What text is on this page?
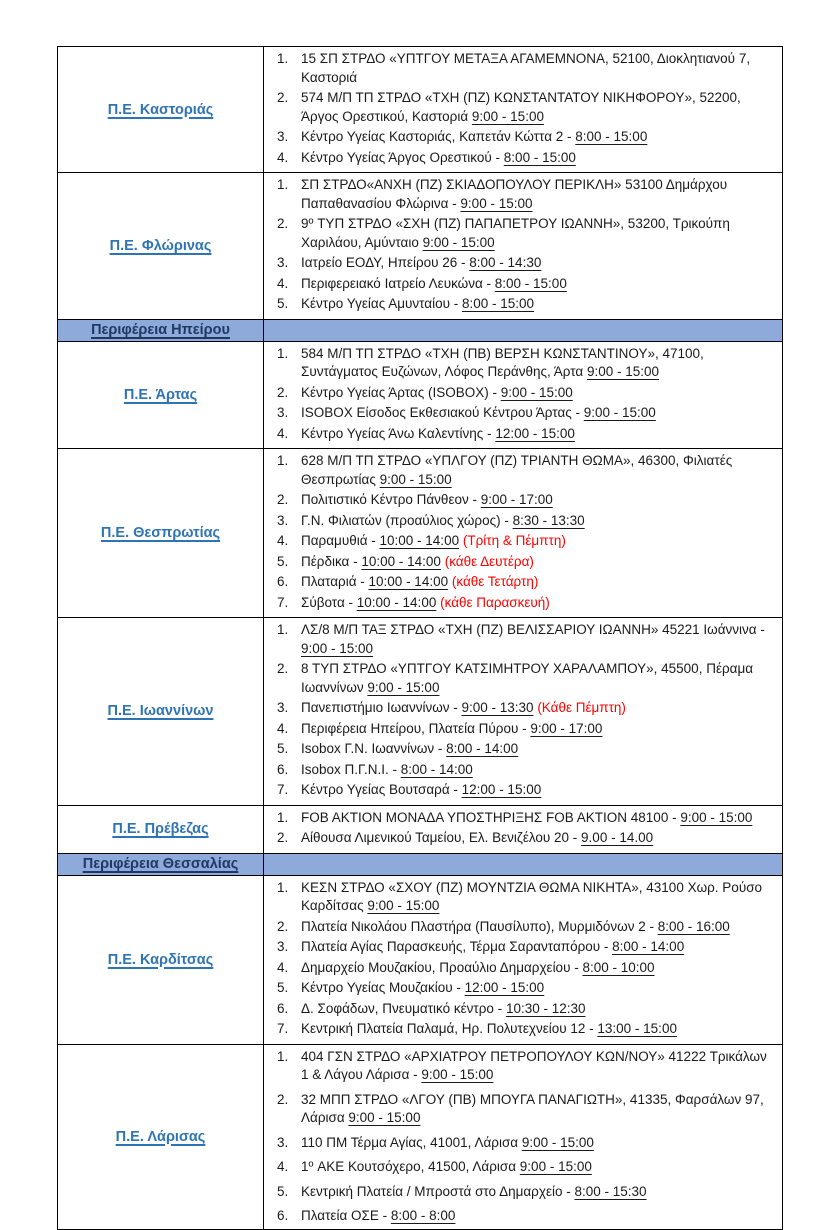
Π.Ε. Καστοριάς
1. 15 ΣΠ ΣΤΡΔΟ «ΥΠΤΓΟΥ ΜΕΤΑΞΑ ΑΓΑΜΕΜΝΟΝΑ, 52100, Διοκλητιανού 7, Καστοριά
2. 574 Μ/Π ΤΠ ΣΤΡΔΟ «ΤΧΗ (ΠΖ) ΚΩΝΣΤΑΝΤΑΤΟΥ ΝΙΚΗΦΟΡΟΥ», 52200, Άργος Ορεστικού, Καστοριά 9:00 - 15:00
3. Κέντρο Υγείας Καστοριάς, Καπετάν Κώττα 2 - 8:00 - 15:00
4. Κέντρο Υγείας Άργος Ορεστικού - 8:00 - 15:00
Π.Ε. Φλώρινας
1. ΣΠ ΣΤΡΔΟ«ΑΝΧΗ (ΠΖ) ΣΚΙΑΔΟΠΟΥΛΟΥ ΠΕΡΙΚΛΗ» 53100 Δημάρχου Παπαθανασίου Φλώρινα - 9:00 - 15:00
2. 9º ΤΥΠ ΣΤΡΔΟ «ΣΧΗ (ΠΖ) ΠΑΠΑΠΕΤΡΟΥ ΙΩΑΝΝΗ», 53200, Τρικούπη Χαριλάου, Αμύνταιο 9:00 - 15:00
3. Ιατρείο ΕΟΔΥ, Ηπείρου 26 - 8:00 - 14:30
4. Περιφερειακό Ιατρείο Λευκώνα - 8:00 - 15:00
5. Κέντρο Υγείας Αμυνταίου - 8:00 - 15:00
Περιφέρεια Ηπείρου
Π.Ε. Άρτας
1. 584 Μ/Π ΤΠ ΣΤΡΔΟ «ΤΧΗ (ΠΒ) ΒΕΡΣΗ ΚΩΝΣΤΑΝΤΙΝΟΥ», 47100, Συντάγματος Ευζώνων, Λόφος Περάνθης, Άρτα 9:00 - 15:00
2. Κέντρο Υγείας Άρτας (ISOBOX) - 9:00 - 15:00
3. ISOBOX Είσοδος Εκθεσιακού Κέντρου Άρτας - 9:00 - 15:00
4. Κέντρο Υγείας Άνω Καλεντίνης - 12:00 - 15:00
Π.Ε. Θεσπρωτίας
1. 628 Μ/Π ΤΠ ΣΤΡΔΟ «ΥΠΛΓΟΥ (ΠΖ) ΤΡΙΑΝΤΗ ΘΩΜΑ», 46300, Φιλιατές Θεσπρωτίας 9:00 - 15:00
2. Πολιτιστικό Κέντρο Πάνθεον - 9:00 - 17:00
3. Γ.Ν. Φιλιατών (προαύλιος χώρος) - 8:30 - 13:30
4. Παραμυθιά - 10:00 - 14:00 (Τρίτη & Πέμπτη)
5. Πέρδικα - 10:00 - 14:00 (κάθε Δευτέρα)
6. Πλαταριά - 10:00 - 14:00 (κάθε Τετάρτη)
7. Σύβοτα - 10:00 - 14:00 (κάθε Παρασκευή)
Π.Ε. Ιωαννίνων
1. ΛΣ/8 Μ/Π ΤΑΞ ΣΤΡΔΟ «ΤΧΗ (ΠΖ) ΒΕΛΙΣΣΑΡΙΟΥ ΙΩΑΝΝΗ» 45221 Ιωάννινα - 9:00 - 15:00
2. 8 ΤΥΠ ΣΤΡΔΟ «ΥΠΤΓΟΥ ΚΑΤΣΙΜΗΤΡΟΥ ΧΑΡΑΛΑΜΠΟΥ», 45500, Πέραμα Ιωαννίνων 9:00 - 15:00
3. Πανεπιστήμιο Ιωαννίνων - 9:00 - 13:30 (Κάθε Πέμπτη)
4. Περιφέρεια Ηπείρου, Πλατεία Πύρου - 9:00 - 17:00
5. Isobox Γ.Ν. Ιωαννίνων - 8:00 - 14:00
6. Isobox Π.Γ.Ν.Ι. - 8:00 - 14:00
7. Κέντρο Υγείας Βουτσαρά - 12:00 - 15:00
Π.Ε. Πρέβεζας
1. FOB AKTION ΜΟΝΑΔΑ ΥΠΟΣΤΗΡΙΞΗΣ FOB AKTION 48100 - 9:00 - 15:00
2. Αίθουσα Λιμενικού Ταμείου, Ελ. Βενιζέλου 20 - 9.00 - 14.00
Περιφέρεια Θεσσαλίας
Π.Ε. Καρδίτσας
1. ΚΕΣΝ ΣΤΡΔΟ «ΣΧΟΥ (ΠΖ) ΜΟΥΝΤΖΙΑ ΘΩΜΑ ΝΙΚΗΤΑ», 43100 Χωρ. Ρούσο Καρδίτσας 9:00 - 15:00
2. Πλατεία Νικολάου Πλαστήρα (Παυσίλυπο), Μυρμιδόνων 2 - 8:00 - 16:00
3. Πλατεία Αγίας Παρασκευής, Τέρμα Σαρανταπόρου - 8:00 - 14:00
4. Δημαρχείο Μουζακίου, Προαύλιο Δημαρχείου - 8:00 - 10:00
5. Κέντρο Υγείας Μουζακίου - 12:00 - 15:00
6. Δ. Σοφάδων, Πνευματικό κέντρο - 10:30 - 12:30
7. Κεντρική Πλατεία Παλαμά, Ηρ. Πολυτεχνείου 12 - 13:00 - 15:00
Π.Ε. Λάρισας
1. 404 ΓΣΝ ΣΤΡΔΟ «ΑΡΧΙΑΤΡΟΥ ΠΕΤΡΟΠΟΥΛΟΥ ΚΩΝ/ΝΟΥ» 41222 Τρικάλων 1 & Λάγου Λάρισα - 9:00 - 15:00
2. 32 ΜΠΠ ΣΤΡΔΟ «ΛΓΟΥ (ΠΒ) ΜΠΟΥΓΑ ΠΑΝΑΓΙΩΤΗ», 41335, Φαρσάλων 97, Λάρισα 9:00 - 15:00
3. 110 ΠΜ Τέρμα Αγίας, 41001, Λάρισα 9:00 - 15:00
4. 1º ΑΚΕ Κουτσόχερο, 41500, Λάρισα 9:00 - 15:00
5. Κεντρική Πλατεία / Μπροστά στο Δημαρχείο - 8:00 - 15:30
6. Πλατεία ΟΣΕ - 8:00 - 8:00
